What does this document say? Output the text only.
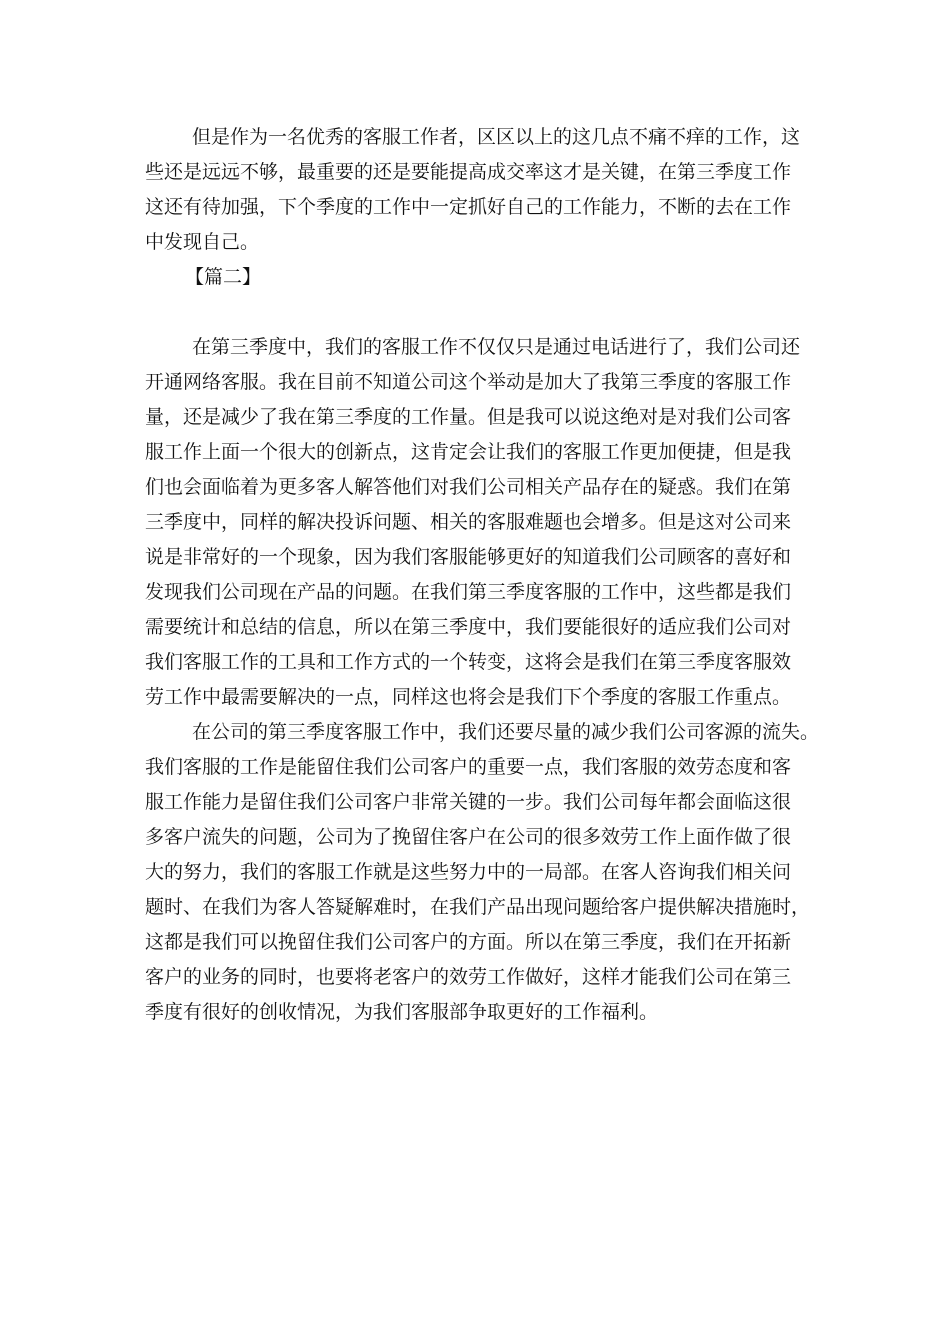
但是作为一名优秀的客服工作者，区区以上的这几点不痛不痒的工作，这
些还是远远不够，最重要的还是要能提高成交率这才是关键，在第三季度工作
这还有待加强，下个季度的工作中一定抓好自己的工作能力，不断的去在工作
中发现自己。
【篇二】
在第三季度中，我们的客服工作不仅仅只是通过电话进行了，我们公司还
开通网络客服。我在目前不知道公司这个举动是加大了我第三季度的客服工作
量，还是减少了我在第三季度的工作量。但是我可以说这绝对是对我们公司客
服工作上面一个很大的创新点，这肯定会让我们的客服工作更加便捷，但是我
们也会面临着为更多客人解答他们对我们公司相关产品存在的疑惑。我们在第
三季度中，同样的解决投诉问题、相关的客服难题也会增多。但是这对公司来
说是非常好的一个现象，因为我们客服能够更好的知道我们公司顾客的喜好和
发现我们公司现在产品的问题。在我们第三季度客服的工作中，这些都是我们
需要统计和总结的信息，所以在第三季度中，我们要能很好的适应我们公司对
我们客服工作的工具和工作方式的一个转变，这将会是我们在第三季度客服效
劳工作中最需要解决的一点，同样这也将会是我们下个季度的客服工作重点。
在公司的第三季度客服工作中，我们还要尽量的减少我们公司客源的流失。
我们客服的工作是能留住我们公司客户的重要一点，我们客服的效劳态度和客
服工作能力是留住我们公司客户非常关键的一步。我们公司每年都会面临这很
多客户流失的问题，公司为了挽留住客户在公司的很多效劳工作上面作做了很
大的努力，我们的客服工作就是这些努力中的一局部。在客人咨询我们相关问
题时、在我们为客人答疑解难时，在我们产品出现问题给客户提供解决措施时，
这都是我们可以挽留住我们公司客户的方面。所以在第三季度，我们在开拓新
客户的业务的同时，也要将老客户的效劳工作做好，这样才能我们公司在第三
季度有很好的创收情况，为我们客服部争取更好的工作福利。
